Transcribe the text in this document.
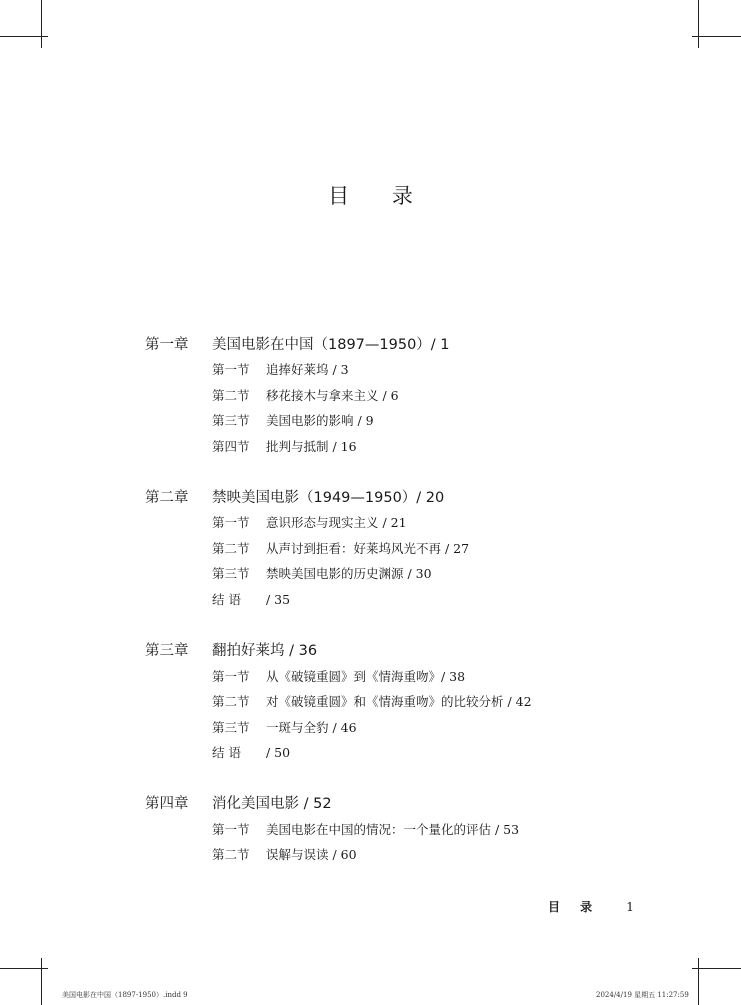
目 录
第一章 美国电影在中国（1897—1950）/ 1
第一节 追捧好莱坞 / 3
第二节 移花接木与拿来主义 / 6
第三节 美国电影的影响 / 9
第四节 批判与抵制 / 16
第二章 禁映美国电影（1949—1950）/ 20
第一节 意识形态与现实主义 / 21
第二节 从声讨到拒看：好莱坞风光不再 / 27
第三节 禁映美国电影的历史渊源 / 30
结 语 / 35
第三章 翻拍好莱坞 / 36
第一节 从《破镜重圆》到《情海重吻》/ 38
第二节 对《破镜重圆》和《情海重吻》的比较分析 / 42
第三节 一斑与全豹 / 46
结 语 / 50
第四章 消化美国电影 / 52
第一节 美国电影在中国的情况：一个量化的评估 / 53
第二节 误解与误读 / 60
目 录 1
美国电影在中国（1897-1950）.indd 9	2024/4/19 星期五 11:27:59
